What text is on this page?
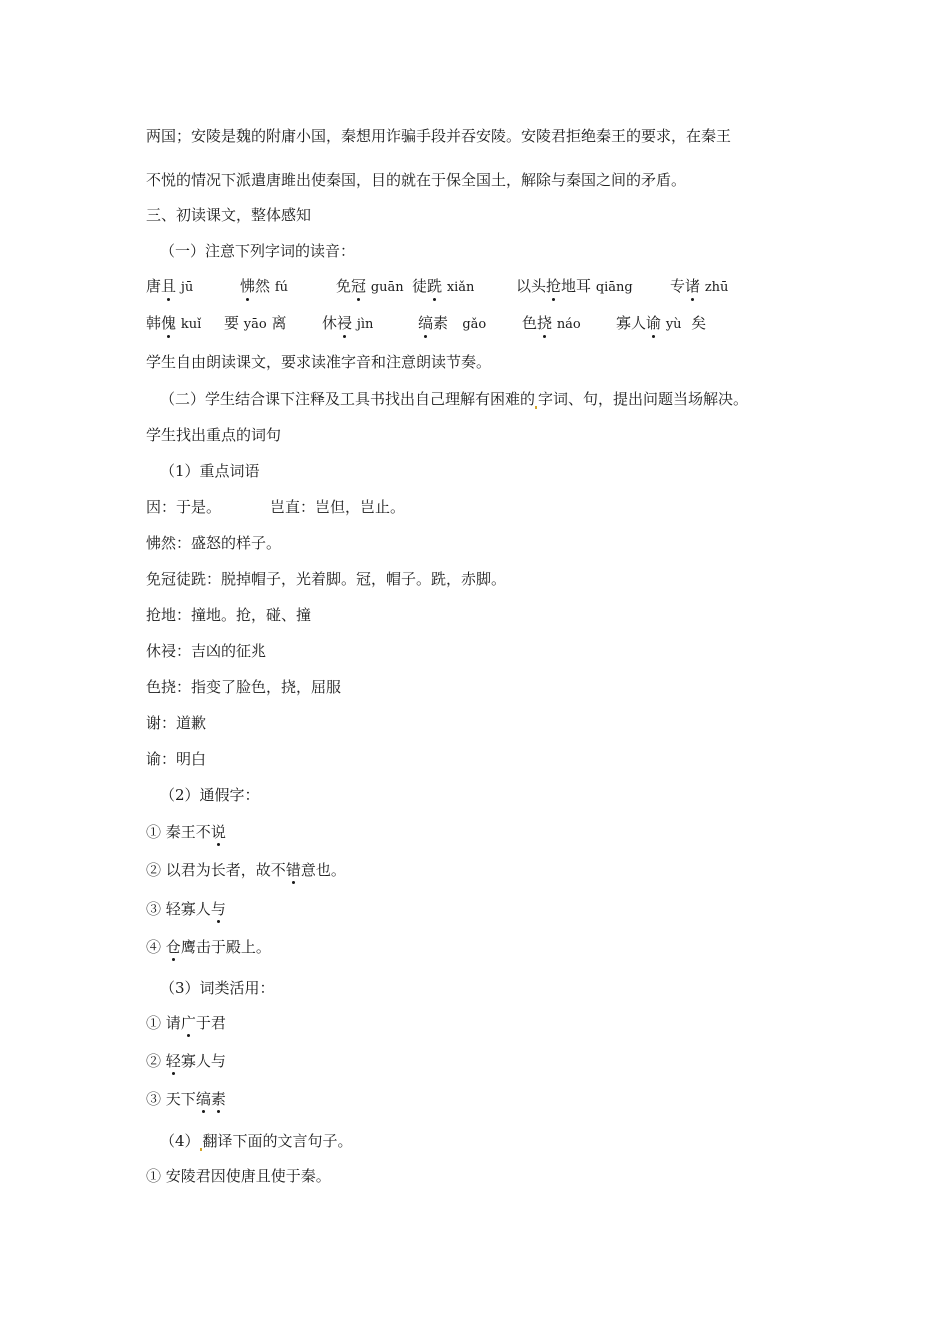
两国；安陵是魏的附庸小国，秦想用诈骗手段并吞安陵。安陵君拒绝秦王的要求，在秦王
不悦的情况下派遣唐雎出使秦国，目的就在于保全国土，解除与秦国之间的矛盾。
三、初读课文，整体感知
（一）注意下列字词的读音：
唐且 jū	怫然 fú	免冠 guān 徒跣 xiǎn	以头抢地耳 qiāng 专诸 zhū
韩傀 kuǐ 要 yāo 离 休祲 jìn	缟素 gǎo 色挠 náo 寡人谕 yù 矣
学生自由朗读课文，要求读准字音和注意朗读节奏。
（二）学生结合课下注释及工具书找出自己理解有困难的 字词、句，提出问题当场解决。
学生找出重点的词句
（1）重点词语
因：于是。	岂直：岂但，岂止。
怫然：盛怒的样子。
免冠徒跣：脱掉帽子，光着脚。冠，帽子。跣，赤脚。
抢地：撞地。抢，碰、撞
休祲：吉凶的征兆
色挠：指变了脸色，挠，屈服
谢：道歉
谕：明白
（2）通假字：
① 秦王不说
② 以君为长者，故不错意也。
③ 轻寡人与
④ 仓鹰击于殿上。
（3）词类活用：
① 请广于君
② 轻寡人与
③ 天下缟素
（4） 翻译下面的文言句子。
① 安陵君因使唐且使于秦。
